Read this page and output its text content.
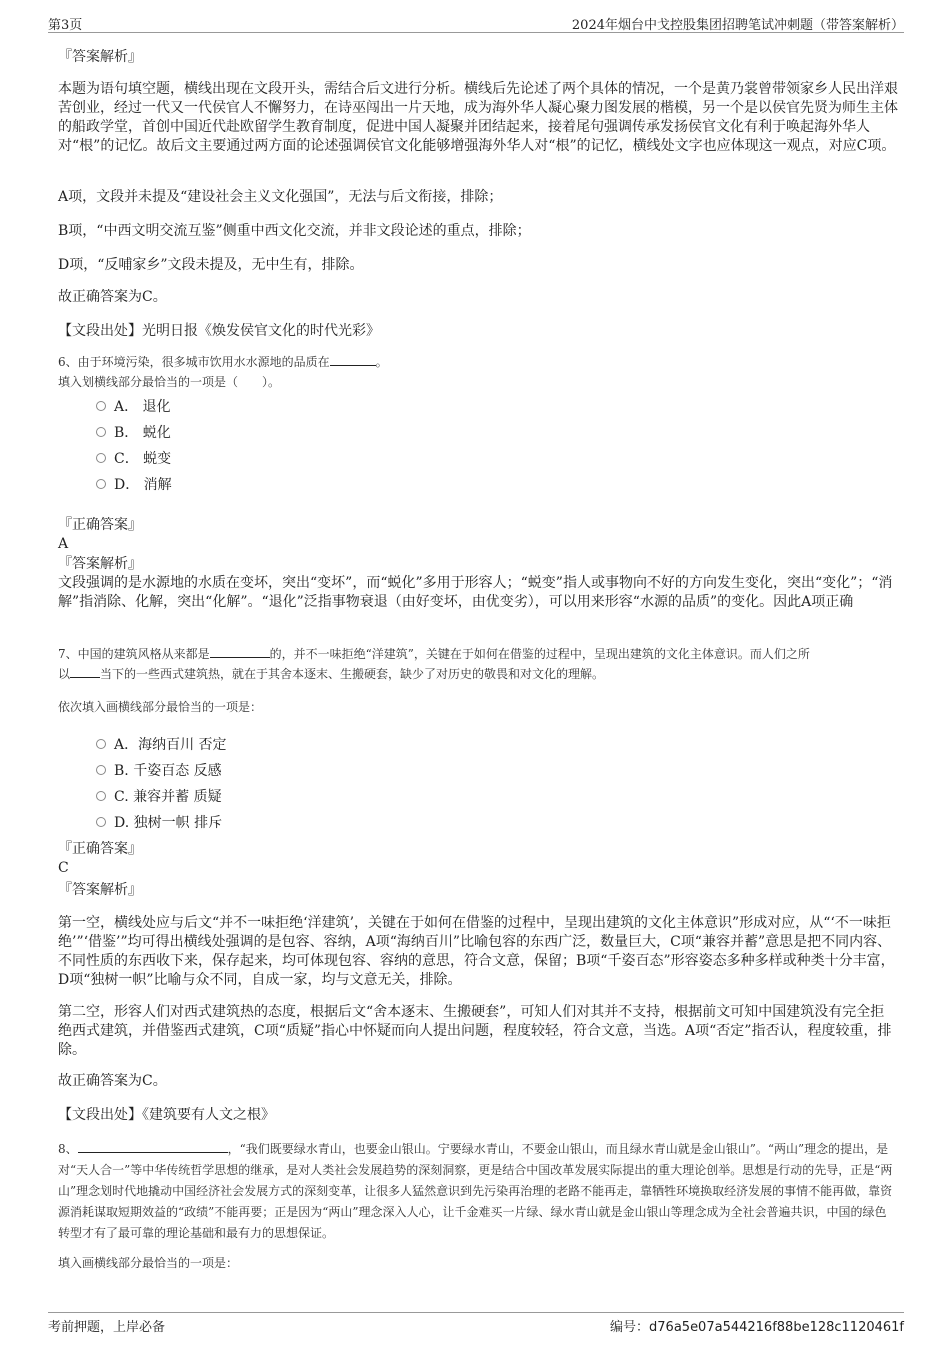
第3页	2024年烟台中戈控股集团招聘笔试冲刺题（带答案解析）
『答案解析』
本题为语句填空题，横线出现在文段开头，需结合后文进行分析。横线后先论述了两个具体的情况，一个是黄乃裳曾带领家乡人民出洋艰苦创业，经过一代又一代侯官人不懈努力，在诗巫闯出一片天地，成为海外华人凝心聚力图发展的楷模，另一个是以侯官先贤为师生主体的船政学堂，首创中国近代赴欧留学生教育制度，促进中国人凝聚并团结起来，接着尾句强调传承发扬侯官文化有利于唤起海外华人对“根”的记忆。故后文主要通过两方面的论述强调侯官文化能够增强海外华人对“根”的记忆，横线处文字也应体现这一观点，对应C项。
A项，文段并未提及“建设社会主义文化强国”，无法与后文衔接，排除；
B项，“中西文明交流互鉴”侧重中西文化交流，并非文段论述的重点，排除；
D项，“反哺家乡”文段未提及，无中生有，排除。
故正确答案为C。
【文段出处】光明日报《焕发侯官文化的时代光彩》
6、由于环境污染，很多城市饮用水水源地的品质在	。
填入划横线部分最恰当的一项是（　　）。
A． 退化
B． 蜕化
C． 蜕变
D． 消解
『正确答案』
A
『答案解析』
文段强调的是水源地的水质在变坏，突出“变坏”，而“蜕化”多用于形容人；“蜕变”指人或事物向不好的方向发生变化，突出“变化”；“消解”指消除、化解，突出“化解”。“退化”泛指事物衰退（由好变坏，由优变劣），可以用来形容“水源的品质”的变化。因此A项正确
7、中国的建筑风格从来都是	的，并不一味拒绝“洋建筑”，关键在于如何在借鉴的过程中，呈现出建筑的文化主体意识。而人们之所
以	当下的一些西式建筑热，就在于其舍本逐末、生搬硬套，缺少了对历史的敬畏和对文化的理解。
依次填入画横线部分最恰当的一项是：
A．海纳百川 否定
B. 千姿百态 反感
C. 兼容并蓄 质疑
D. 独树一帜 排斥
『正确答案』
C
『答案解析』
第一空，横线处应与后文“并不一味拒绝‘洋建筑’，关键在于如何在借鉴的过程中，呈现出建筑的文化主体意识”形成对应，从“‘不一味拒绝’”‘借鉴’”均可得出横线处强调的是包容、容纳，A项“海纳百川”比喻包容的东西广泛，数量巨大，C项“兼容并蓄”意思是把不同内容、不同性质的东西收下来，保存起来，均可体现包容、容纳的意思，符合文意，保留；B项“千姿百态”形容姿态多种多样或种类十分丰富，D项“独树一帜”比喻与众不同，自成一家，均与文意无关，排除。
第二空，形容人们对西式建筑热的态度，根据后文“舍本逐末、生搬硬套”，可知人们对其并不支持，根据前文可知中国建筑没有完全拒绝西式建筑，并借鉴西式建筑，C项“质疑”指心中怀疑而向人提出问题，程度较轻，符合文意，当选。A项“否定”指否认，程度较重，排除。
故正确答案为C。
【文段出处】《建筑要有人文之根》
8、	，“我们既要绿水青山，也要金山银山。宁要绿水青山，不要金山银山，而且绿水青山就是金山银山”。“两山”理念的提出，是对“天人合一”等中华传统哲学思想的继承，是对人类社会发展趋势的深刻洞察，更是结合中国改革发展实际提出的重大理论创举。思想是行动的先导，正是“两山”理念划时代地撬动中国经济社会发展方式的深刻变革，让很多人猛然意识到先污染再治理的老路不能再走，靠牺牲环境换取经济发展的事情不能再做，靠资源消耗谋取短期效益的“政绩”不能再要；正是因为“两山”理念深入人心，让千金难买一片绿、绿水青山就是金山银山等理念成为全社会普遍共识，中国的绿色转型才有了最可靠的理论基础和最有力的思想保证。
填入画横线部分最恰当的一项是：
考前押题，上岸必备	编号：d76a5e07a544216f88be128c1120461f
